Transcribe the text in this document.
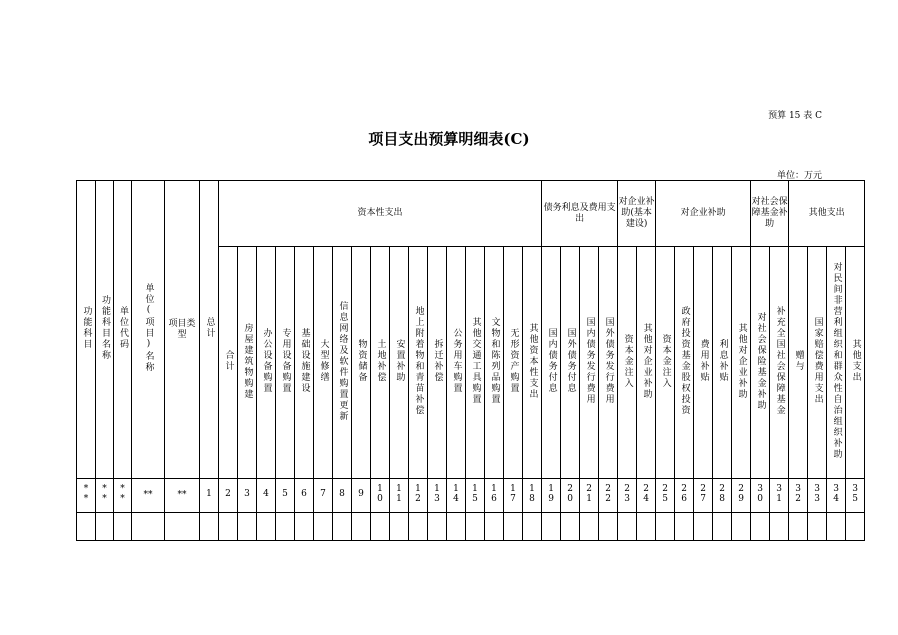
预算 15 表 C
项目支出预算明细表(C)
单位：万元
功能科目	功能科目名称	单位代码	单位(项目)名称	项目类型	总计	资本性支出																	债务利息及费用支出				对企业补助(基本建设)		对企业补助					对社会保障基金补助		其他支出			
						合计	房屋建筑物购建	办公设备购置	专用设备购置	基础设施建设	大型修缮	信息网络及软件购置更新	物资储备	土地补偿	安置补助	地上附着物和青苗补偿	拆迁补偿	公务用车购置	其他交通工具购置	文物和陈列品购置	无形资产购置	其他资本性支出	国内债务付息	国外债务付息	国内债务发行费用	国外债务发行费用	资本金注入	其他对企业补助	资本金注入	政府投资基金股权投资	费用补贴	利息补贴	其他对企业补助	对社会保险基金补助	补充全国社会保障基金	赠与	国家赔偿费用支出	对民间非营利组织和群众性自治组织补助	其他支出
**	**	**	**	**	1	2	3	4	5	6	7	8	9	10	11	12	13	14	15	16	17	18	19	20	21	22	23	24	25	26	27	28	29	30	31	32	33	34	35
